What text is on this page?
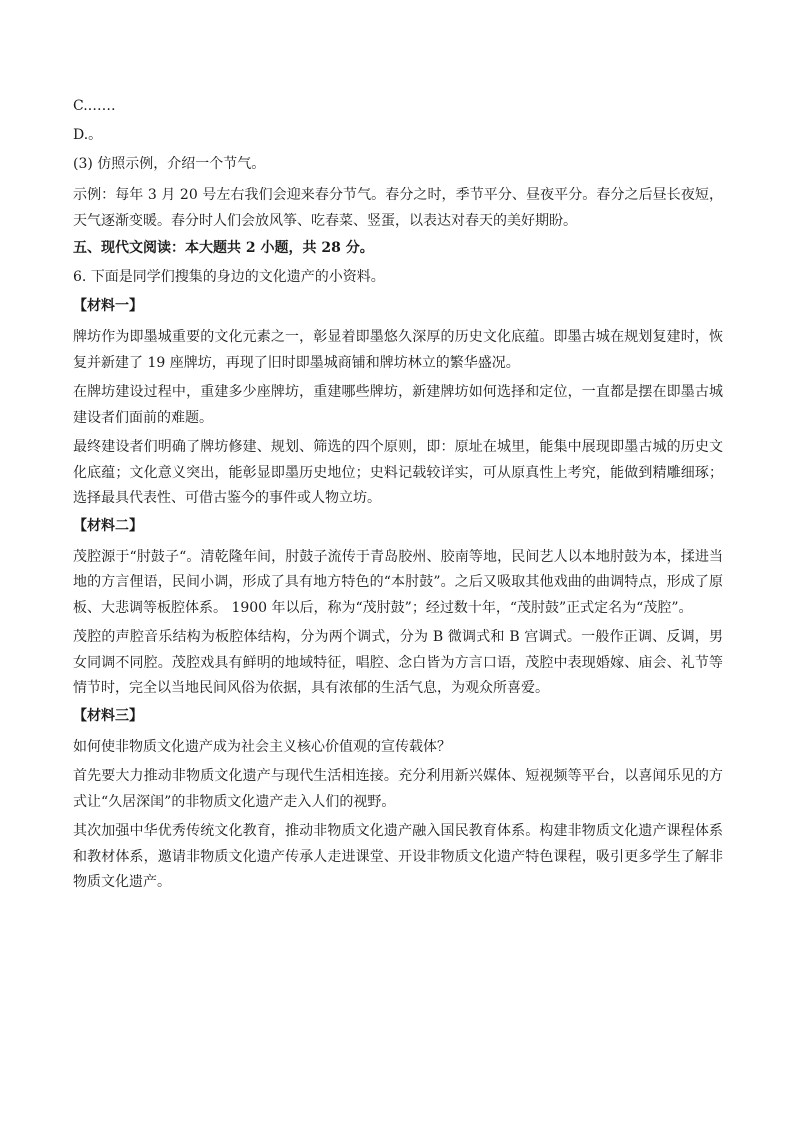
C.……

D.。

(3) 仿照示例，介绍一个节气。

示例：每年 3 月 20 号左右我们会迎来春分节气。春分之时，季节平分、昼夜平分。春分之后昼长夜短，天气逐渐变暖。春分时人们会放风筝、吃春菜、竖蛋，以表达对春天的美好期盼。

五、现代文阅读：本大题共 2 小题，共 28 分。

6. 下面是同学们搜集的身边的文化遗产的小资料。

【材料一】

牌坊作为即墨城重要的文化元素之一，彰显着即墨悠久深厚的历史文化底蕴。即墨古城在规划复建时，恢复并新建了 19 座牌坊，再现了旧时即墨城商铺和牌坊林立的繁华盛况。

在牌坊建设过程中，重建多少座牌坊，重建哪些牌坊，新建牌坊如何选择和定位，一直都是摆在即墨古城建设者们面前的难题。

最终建设者们明确了牌坊修建、规划、筛选的四个原则，即：原址在城里，能集中展现即墨古城的历史文化底蕴；文化意义突出，能彰显即墨历史地位；史料记载较详实，可从原真性上考究，能做到精雕细琢；选择最具代表性、可借古鉴今的事件或人物立坊。

【材料二】

茂腔源于“肘鼓子“。清乾隆年间，肘鼓子流传于青岛胶州、胶南等地，民间艺人以本地肘鼓为本，揉进当地的方言俚语，民间小调，形成了具有地方特色的“本肘鼓”。之后又吸取其他戏曲的曲调特点，形成了原板、大悲调等板腔体系。 1900 年以后，称为“茂肘鼓”；经过数十年，“茂肘鼓”正式定名为“茂腔”。

茂腔的声腔音乐结构为板腔体结构，分为两个调式，分为 B 微调式和 B 宫调式。一般作正调、反调，男女同调不同腔。茂腔戏具有鲜明的地域特征，唱腔、念白皆为方言口语，茂腔中表现婚嫁、庙会、礼节等情节时，完全以当地民间风俗为依据，具有浓郁的生活气息，为观众所喜爱。

【材料三】

如何使非物质文化遗产成为社会主义核心价值观的宣传载体？

首先要大力推动非物质文化遗产与现代生活相连接。充分利用新兴媒体、短视频等平台，以喜闻乐见的方式让“久居深闺”的非物质文化遗产走入人们的视野。

其次加强中华优秀传统文化教育，推动非物质文化遗产融入国民教育体系。构建非物质文化遗产课程体系和教材体系，邀请非物质文化遗产传承人走进课堂、开设非物质文化遗产特色课程，吸引更多学生了解非物质文化遗产。
